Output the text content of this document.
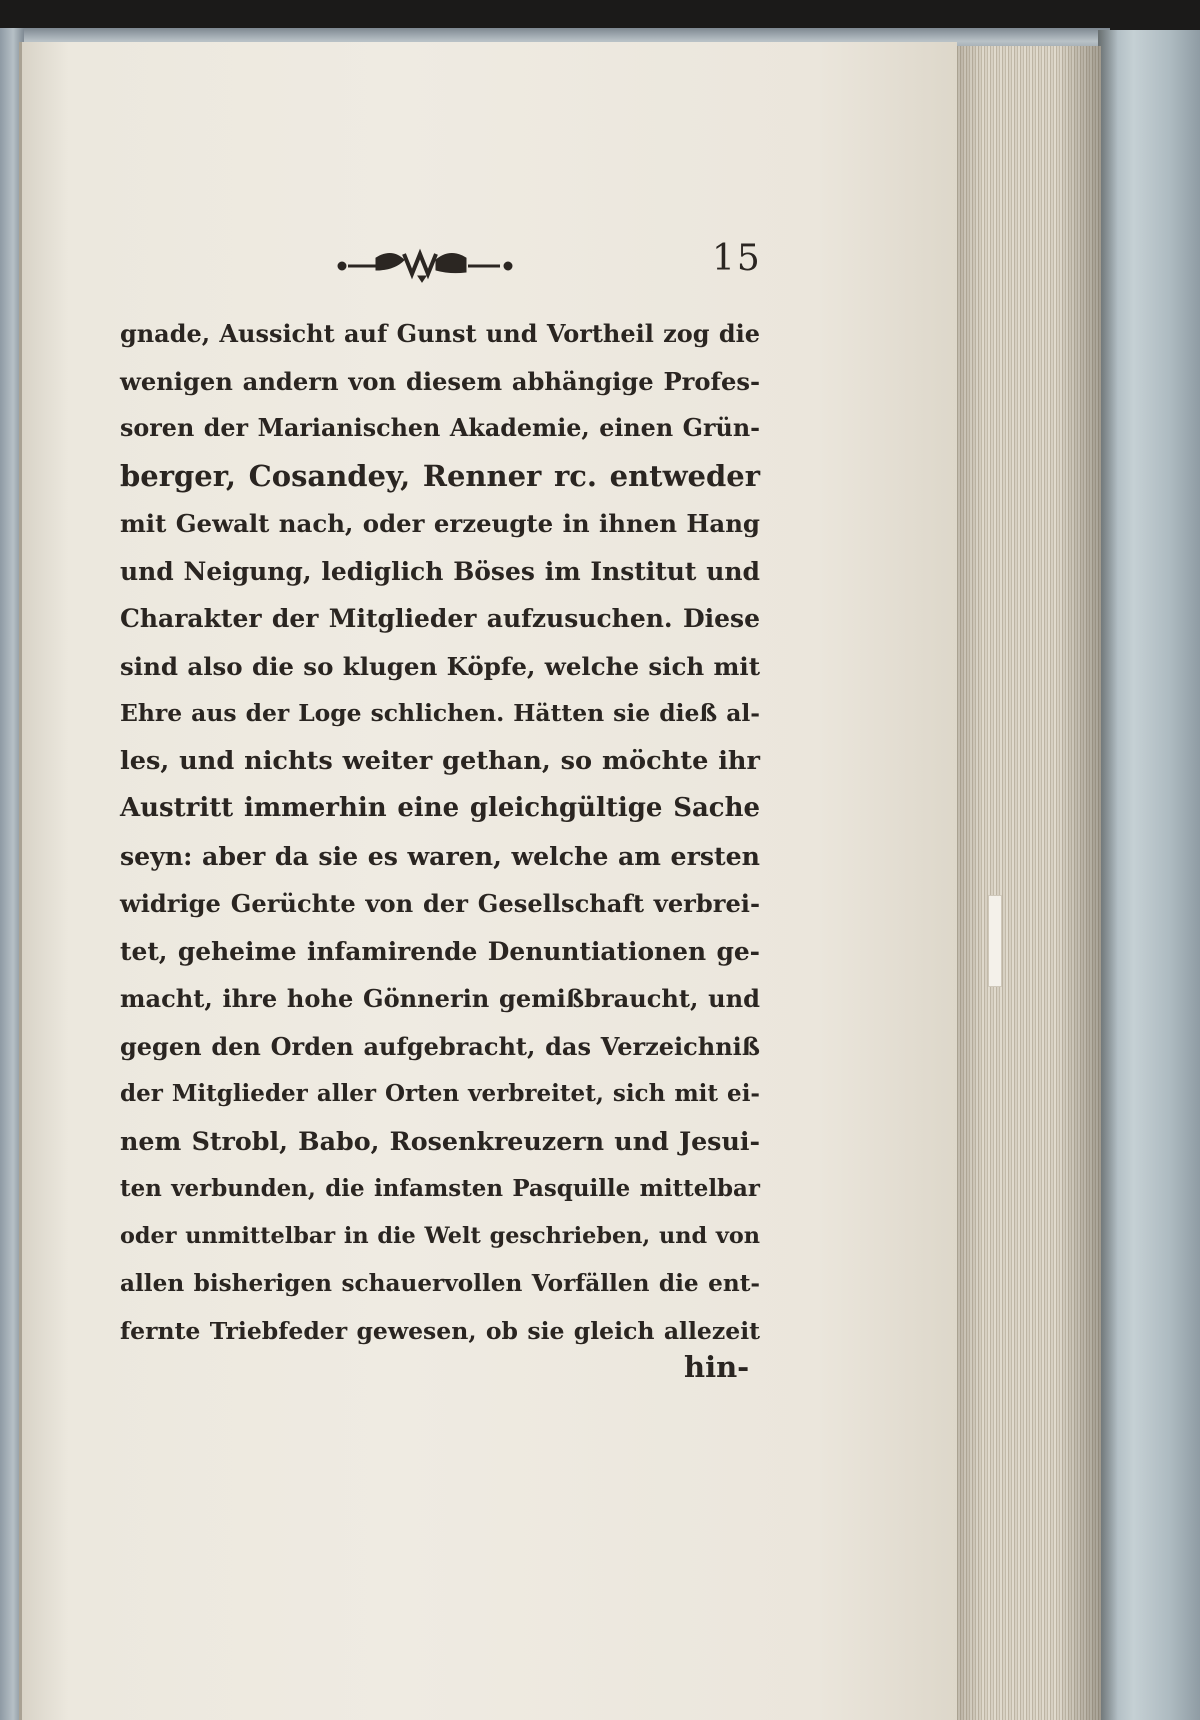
15
gnade, Aussicht auf Gunst und Vortheil zog die
wenigen andern von diesem abhängige Profes-
soren der Marianischen Akademie, einen Grün-
berger, Cosandey, Renner rc. entweder
mit Gewalt nach, oder erzeugte in ihnen Hang
und Neigung, lediglich Böses im Institut und
Charakter der Mitglieder aufzusuchen. Diese
sind also die so klugen Köpfe, welche sich mit
Ehre aus der Loge schlichen. Hätten sie dieß al-
les, und nichts weiter gethan, so möchte ihr
Austritt immerhin eine gleichgültige Sache
seyn: aber da sie es waren, welche am ersten
widrige Gerüchte von der Gesellschaft verbrei-
tet, geheime infamirende Denuntiationen ge-
macht, ihre hohe Gönnerin gemißbraucht, und
gegen den Orden aufgebracht, das Verzeichniß
der Mitglieder aller Orten verbreitet, sich mit ei-
nem Strobl, Babo, Rosenkreuzern und Jesui-
ten verbunden, die infamsten Pasquille mittelbar
oder unmittelbar in die Welt geschrieben, und von
allen bisherigen schauervollen Vorfällen die ent-
fernte Triebfeder gewesen, ob sie gleich allezeit
hin-
